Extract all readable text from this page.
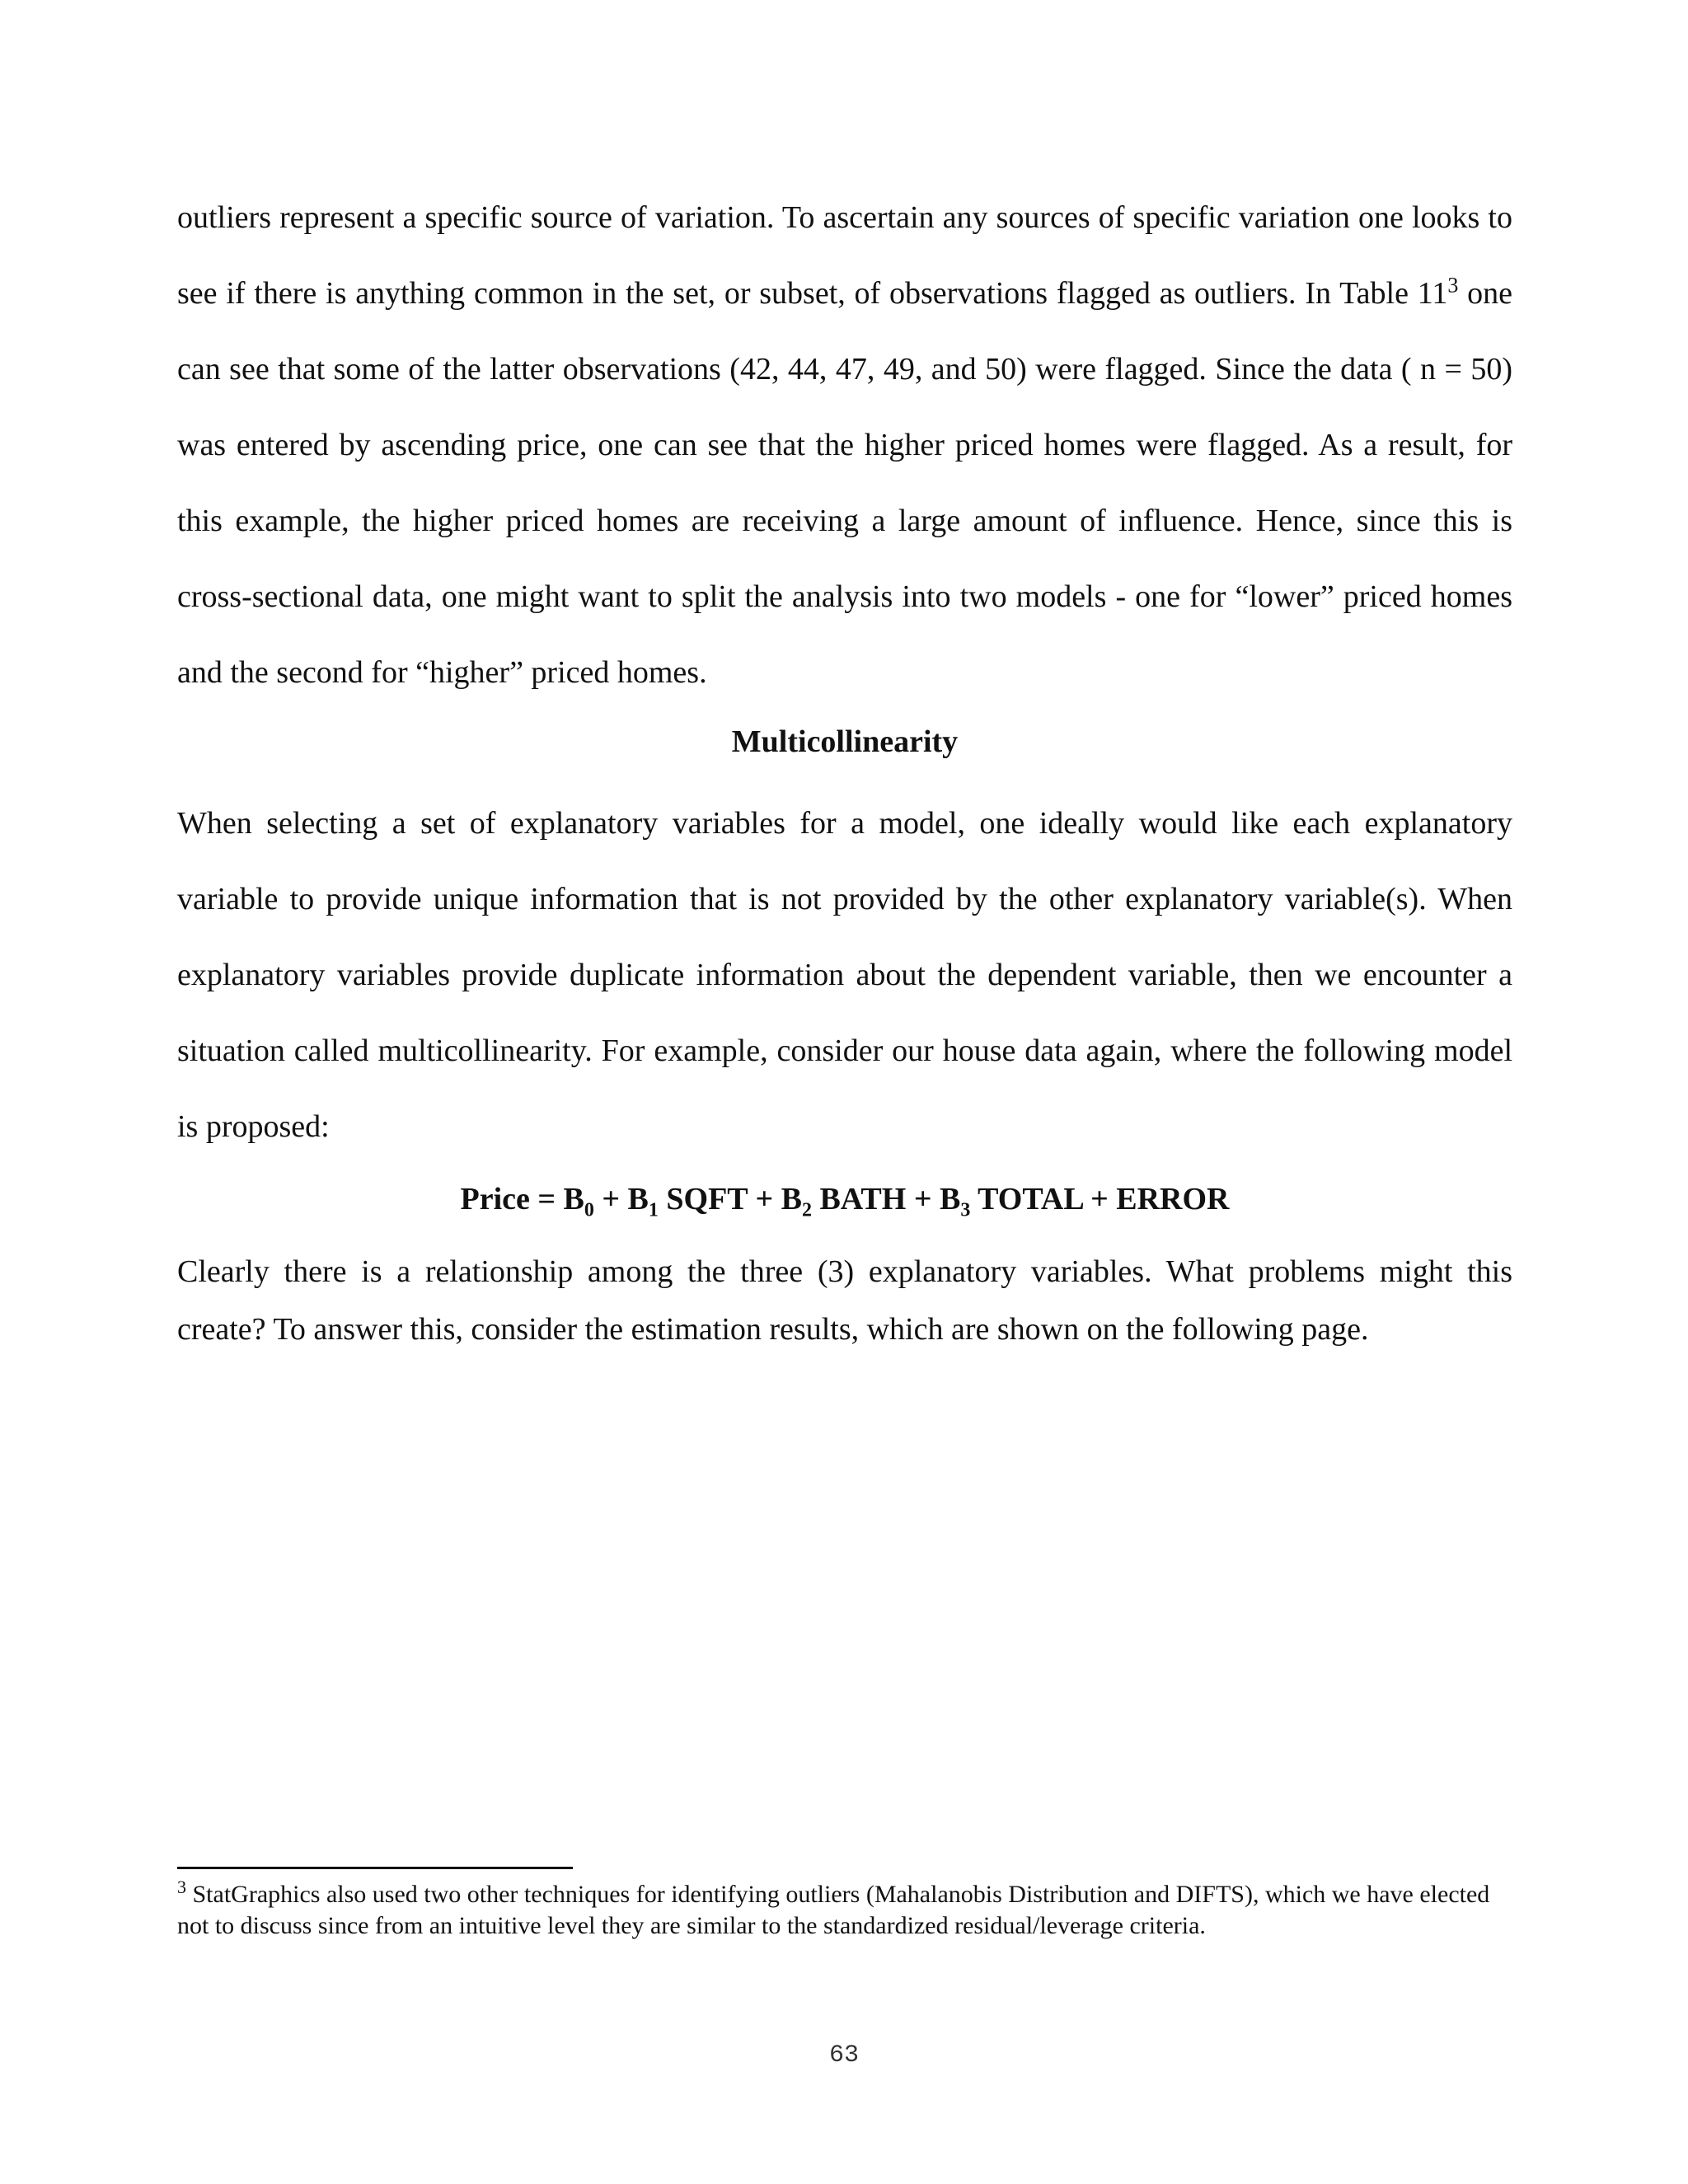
outliers represent a specific source of variation. To ascertain any sources of specific variation one looks to see if there is anything common in the set, or subset, of observations flagged as outliers. In Table $11^3$ one can see that some of the latter observations (42, 44, 47, 49, and 50) were flagged. Since the data ( n = 50) was entered by ascending price, one can see that the higher priced homes were flagged. As a result, for this example, the higher priced homes are receiving a large amount of influence. Hence, since this is cross-sectional data, one might want to split the analysis into two models - one for “lower” priced homes and the second for “higher” priced homes.

Multicollinearity

When selecting a set of explanatory variables for a model, one ideally would like each explanatory variable to provide unique information that is not provided by the other explanatory variable(s). When explanatory variables provide duplicate information about the dependent variable, then we encounter a situation called multicollinearity. For example, consider our house data again, where the following model is proposed:

Price = $B_0 + B_1$ SQFT + $B_2$ BATH + $B_3$ TOTAL + ERROR

Clearly there is a relationship among the three (3) explanatory variables. What problems might this create? To answer this, consider the estimation results, which are shown on the following page.

$^3$ StatGraphics also used two other techniques for identifying outliers (Mahalanobis Distribution and DIFTS), which we have elected not to discuss since from an intuitive level they are similar to the standardized residual/leverage criteria.

63
